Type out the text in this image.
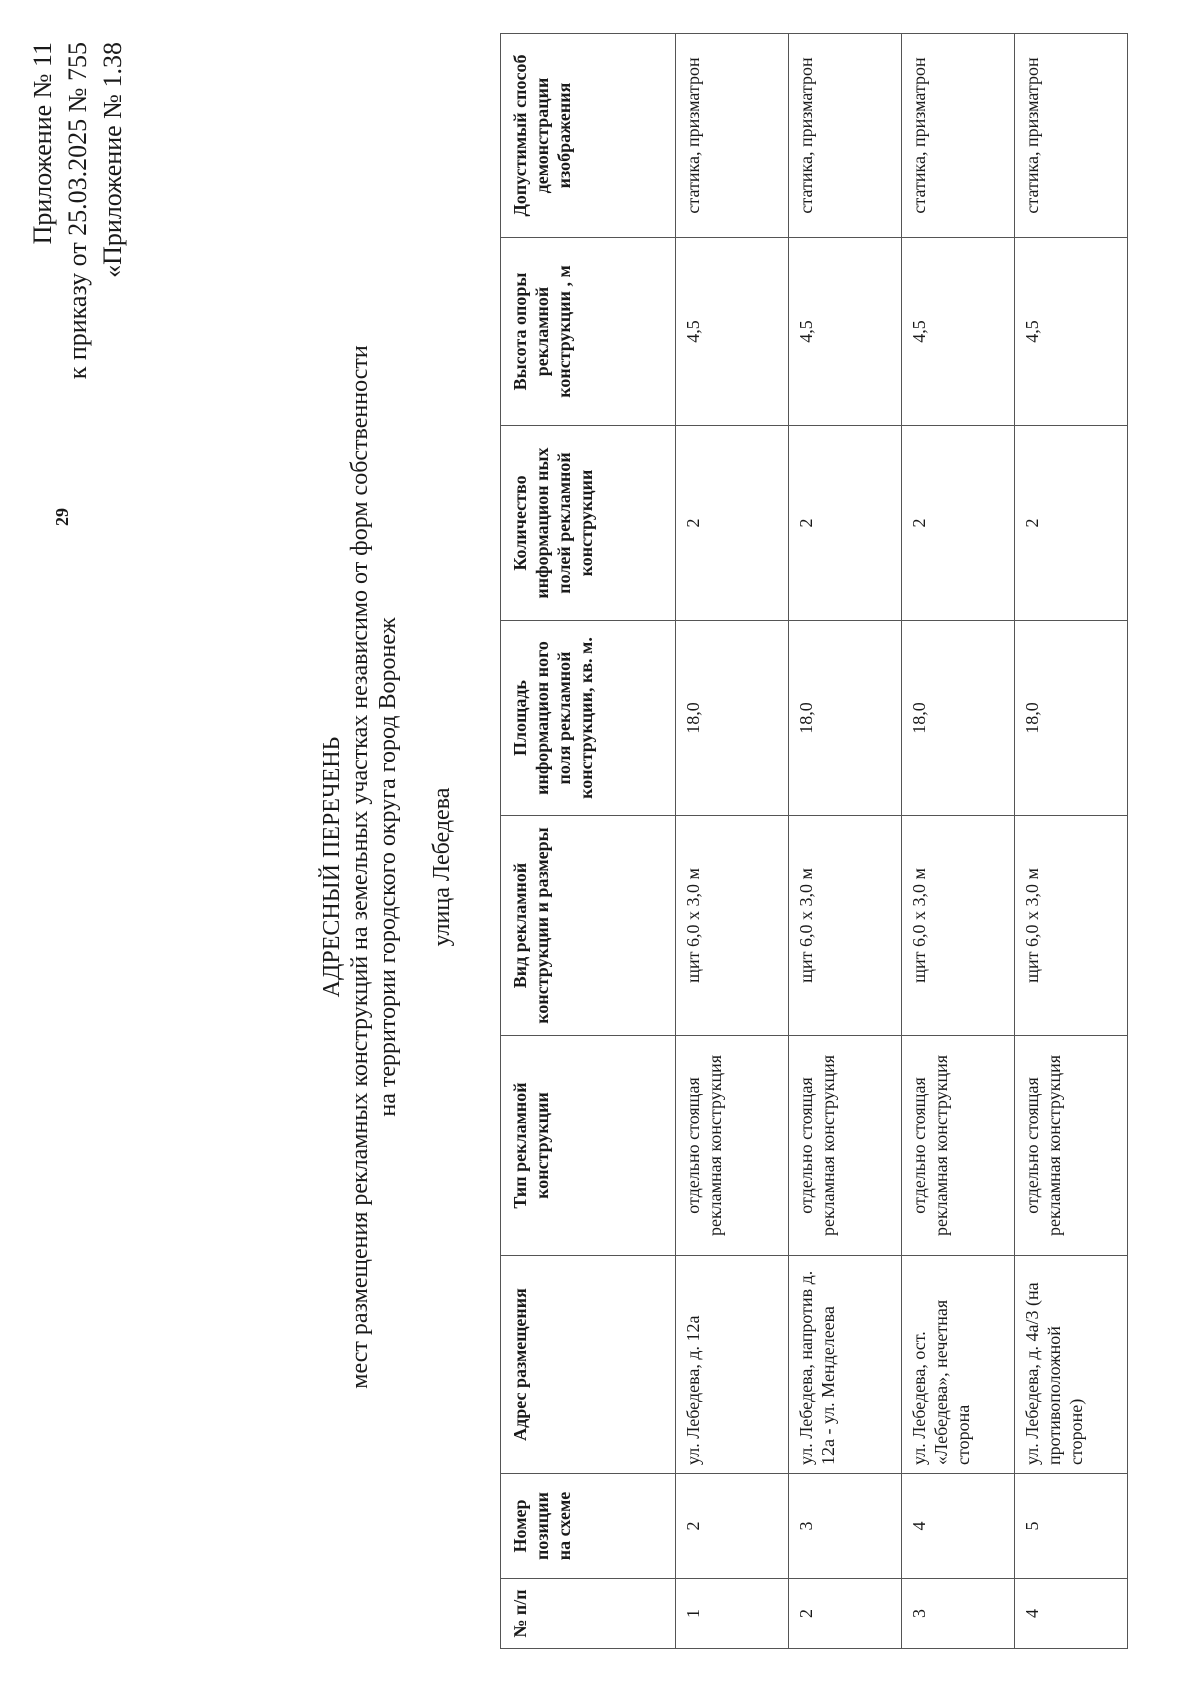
29
Приложение № 11 к приказу от 25.03.2025 № 755 «Приложение № 1.38
АДРЕСНЫЙ ПЕРЕЧЕНЬ мест размещения рекламных конструкций на земельных участках независимо от форм собственности на территории городского округа город Воронеж улица Лебедева
№ п/п	Номер позиции на схеме	Адрес размещения	Тип рекламной конструкции	Вид рекламной конструкции и размеры	Площадь информацион ного поля рекламной конструкции, кв. м.	Количество информацион ных полей рекламной конструкции	Высота опоры рекламной конструкции , м	Допустимый способ демонстрации изображения
1	2	ул. Лебедева, д. 12а	отдельно стоящая рекламная конструкция	щит 6,0 х 3,0 м	18,0	2	4,5	статика, призматрон
2	3	ул. Лебедева, напротив д. 12а - ул. Менделеева	отдельно стоящая рекламная конструкция	щит 6,0 х 3,0 м	18,0	2	4,5	статика, призматрон
3	4	ул. Лебедева, ост. «Лебедева», нечетная сторона	отдельно стоящая рекламная конструкция	щит 6,0 х 3,0 м	18,0	2	4,5	статика, призматрон
4	5	ул. Лебедева, д. 4а/3 (на противоположной стороне)	отдельно стоящая рекламная конструкция	щит 6,0 х 3,0 м	18,0	2	4,5	статика, призматрон
